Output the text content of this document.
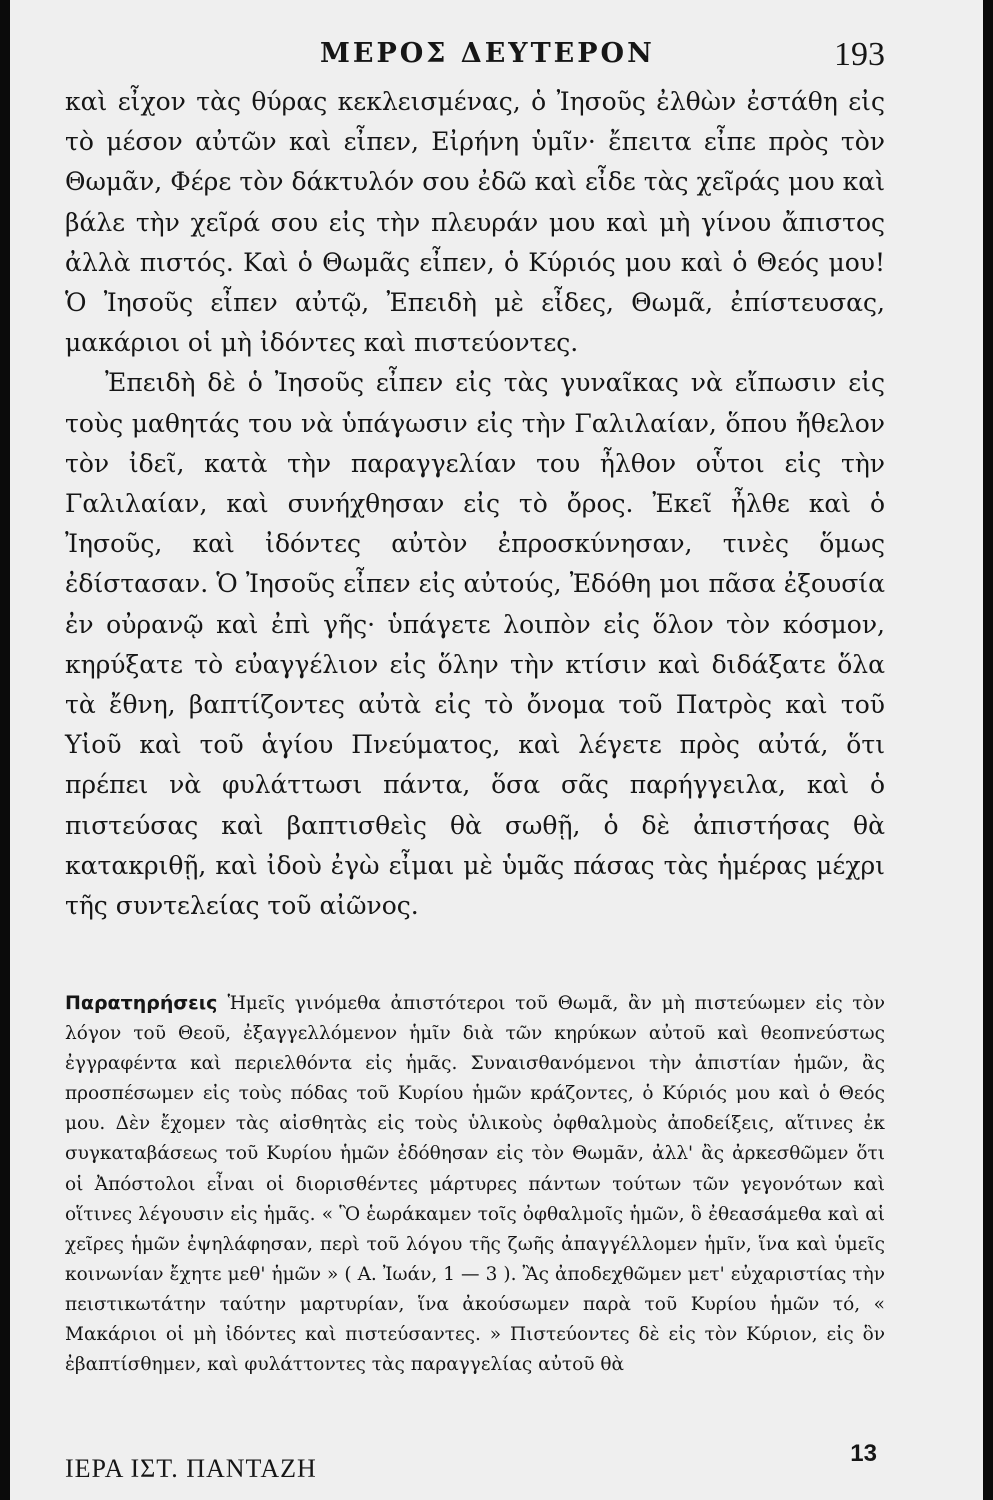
ΜΕΡΟΣ ΔΕΥΤΕΡΟΝ	193

καὶ εἶχον τὰς θύρας κεκλεισμένας, ὁ Ἰησοῦς ἐλθὼν ἐστάθη εἰς τὸ μέσον αὐτῶν καὶ εἶπεν, Εἰρήνη ὑμῖν· ἔπειτα εἶπε πρὸς τὸν Θωμᾶν, Φέρε τὸν δάκτυλόν σου ἐδῶ καὶ εἶδε τὰς χεῖράς μου καὶ βάλε τὴν χεῖρά σου εἰς τὴν πλευράν μου καὶ μὴ γίνου ἄπιστος ἀλλὰ πιστός. Καὶ ὁ Θωμᾶς εἶπεν, ὁ Κύριός μου καὶ ὁ Θεός μου! Ὁ Ἰησοῦς εἶπεν αὐτῷ, Ἐπειδὴ μὲ εἶδες, Θωμᾶ, ἐπίστευσας, μακάριοι οἱ μὴ ἰδόντες καὶ πιστεύοντες.

Ἐπειδὴ δὲ ὁ Ἰησοῦς εἶπεν εἰς τὰς γυναῖκας νὰ εἴπωσιν εἰς τοὺς μαθητάς του νὰ ὑπάγωσιν εἰς τὴν Γαλιλαίαν, ὅπου ἤθελον τὸν ἰδεῖ, κατὰ τὴν παραγγελίαν του ἦλθον οὗτοι εἰς τὴν Γαλιλαίαν, καὶ συνήχθησαν εἰς τὸ ὄρος. Ἐκεῖ ἦλθε καὶ ὁ Ἰησοῦς, καὶ ἰδόντες αὐτὸν ἐπροσκύνησαν, τινὲς ὅμως ἐδίστασαν. Ὁ Ἰησοῦς εἶπεν εἰς αὐτούς, Ἐδόθη μοι πᾶσα ἐξουσία ἐν οὐρανῷ καὶ ἐπὶ γῆς· ὑπάγετε λοιπὸν εἰς ὅλον τὸν κόσμον, κηρύξατε τὸ εὐαγγέλιον εἰς ὅλην τὴν κτίσιν καὶ διδάξατε ὅλα τὰ ἔθνη, βαπτίζοντες αὐτὰ εἰς τὸ ὄνομα τοῦ Πατρὸς καὶ τοῦ Υἱοῦ καὶ τοῦ ἁγίου Πνεύματος, καὶ λέγετε πρὸς αὐτά, ὅτι πρέπει νὰ φυλάττωσι πάντα, ὅσα σᾶς παρήγγειλα, καὶ ὁ πιστεύσας καὶ βαπτισθεὶς θὰ σωθῇ, ὁ δὲ ἀπιστήσας θὰ κατακριθῇ, καὶ ἰδοὺ ἐγὼ εἶμαι μὲ ὑμᾶς πάσας τὰς ἡμέρας μέχρι τῆς συντελείας τοῦ αἰῶνος.

Παρατηρήσεις Ἡμεῖς γινόμεθα ἀπιστότεροι τοῦ Θωμᾶ, ἂν μὴ πιστεύωμεν εἰς τὸν λόγον τοῦ Θεοῦ, ἐξαγγελλόμενον ἡμῖν διὰ τῶν κηρύκων αὐτοῦ καὶ θεοπνεύστως ἐγγραφέντα καὶ περιελθόντα εἰς ἡμᾶς. Συναισθανόμενοι τὴν ἀπιστίαν ἡμῶν, ἂς προσπέσωμεν εἰς τοὺς πόδας τοῦ Κυρίου ἡμῶν κράζοντες, ὁ Κύριός μου καὶ ὁ Θεός μου. Δὲν ἔχομεν τὰς αἰσθητὰς εἰς τοὺς ὑλικοὺς ὀφθαλμοὺς ἀποδείξεις, αἵτινες ἐκ συγκαταβάσεως τοῦ Κυρίου ἡμῶν ἐδόθησαν εἰς τὸν Θωμᾶν, ἀλλ' ἂς ἀρκεσθῶμεν ὅτι οἱ Ἀπόστολοι εἶναι οἱ διορισθέντες μάρτυρες πάντων τούτων τῶν γεγονότων καὶ οἵτινες λέγουσιν εἰς ἡμᾶς. « Ὃ ἑωράκαμεν τοῖς ὀφθαλμοῖς ἡμῶν, ὃ ἐθεασάμεθα καὶ αἱ χεῖρες ἡμῶν ἐψηλάφησαν, περὶ τοῦ λόγου τῆς ζωῆς ἀπαγγέλλομεν ἡμῖν, ἵνα καὶ ὑμεῖς κοινωνίαν ἔχητε μεθ' ἡμῶν » ( Α. Ἰωάν, 1 — 3 ). Ἂς ἀποδεχθῶμεν μετ' εὐχαριστίας τὴν πειστικωτάτην ταύτην μαρτυρίαν, ἵνα ἀκούσωμεν παρὰ τοῦ Κυρίου ἡμῶν τό, « Μακάριοι οἱ μὴ ἰδόντες καὶ πιστεύσαντες. » Πιστεύοντες δὲ εἰς τὸν Κύριον, εἰς ὃν ἐβαπτίσθημεν, καὶ φυλάττοντες τὰς παραγγελίας αὐτοῦ θὰ
ΙΕΡΑ ΙΣΤ. ΠΑΝΤΑΖΗ
13
